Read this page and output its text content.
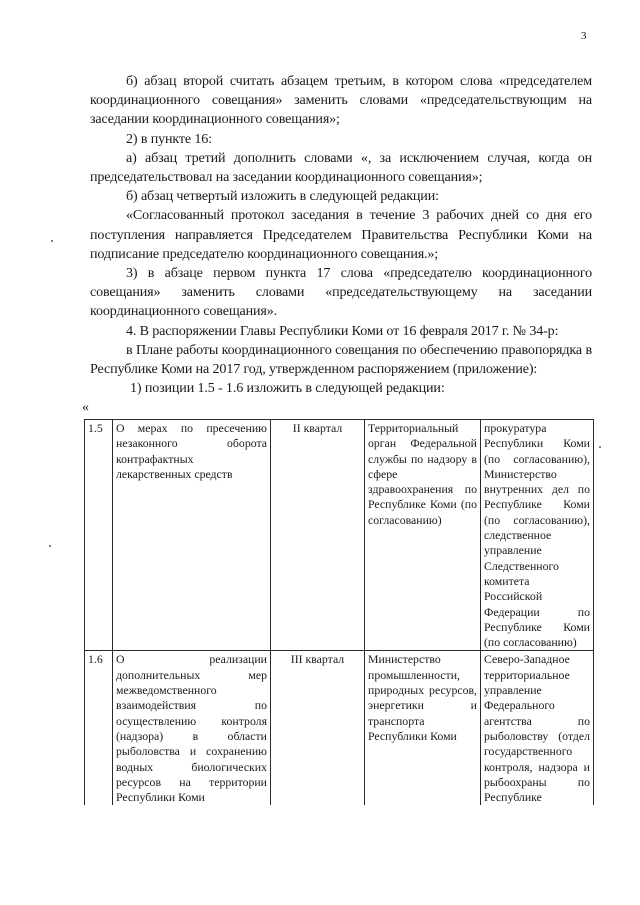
3

б) абзац второй считать абзацем третьим, в котором слова «председателем координационного совещания» заменить словами «председательствующим на заседании координационного совещания»;

2) в пункте 16:

а) абзац третий дополнить словами «, за исключением случая, когда он председательствовал на заседании координационного совещания»;

б) абзац четвертый изложить в следующей редакции:

«Согласованный протокол заседания в течение 3 рабочих дней со дня его поступления направляется Председателем Правительства Республики Коми на подписание председателю координационного совещания.»;

3) в абзаце первом пункта 17 слова «председателю координационного совещания» заменить словами «председательствующему на заседании координационного совещания».

4. В распоряжении Главы Республики Коми от 16 февраля 2017 г. № 34-р:

в Плане работы координационного совещания по обеспечению правопорядка в Республике Коми на 2017 год, утвержденном распоряжением (приложение):

1) позиции 1.5 - 1.6 изложить в следующей редакции:

«
1.5	О мерах по пресечению незаконного оборота контрафактных лекарственных средств	II квартал	Территориальный орган Федеральной службы по надзору в сфере здравоохранения по Республике Коми (по согласованию)	прокуратура Республики Коми (по согласованию), Министерство внутренних дел по Республике Коми (по согласованию), следственное управление Следственного комитета Российской Федерации по Республике Коми (по согласованию)
1.6	О реализации дополнительных мер межведомственного взаимодействия по осуществлению контроля (надзора) в области рыболовства и сохранению водных биологических ресурсов на территории Республики Коми	III квартал	Министерство промышленности, природных ресурсов, энергетики и транспорта Республики Коми	Северо-Западное территориальное управление Федерального агентства по рыболовству (отдел государственного контроля, надзора и рыбоохраны по Республике
